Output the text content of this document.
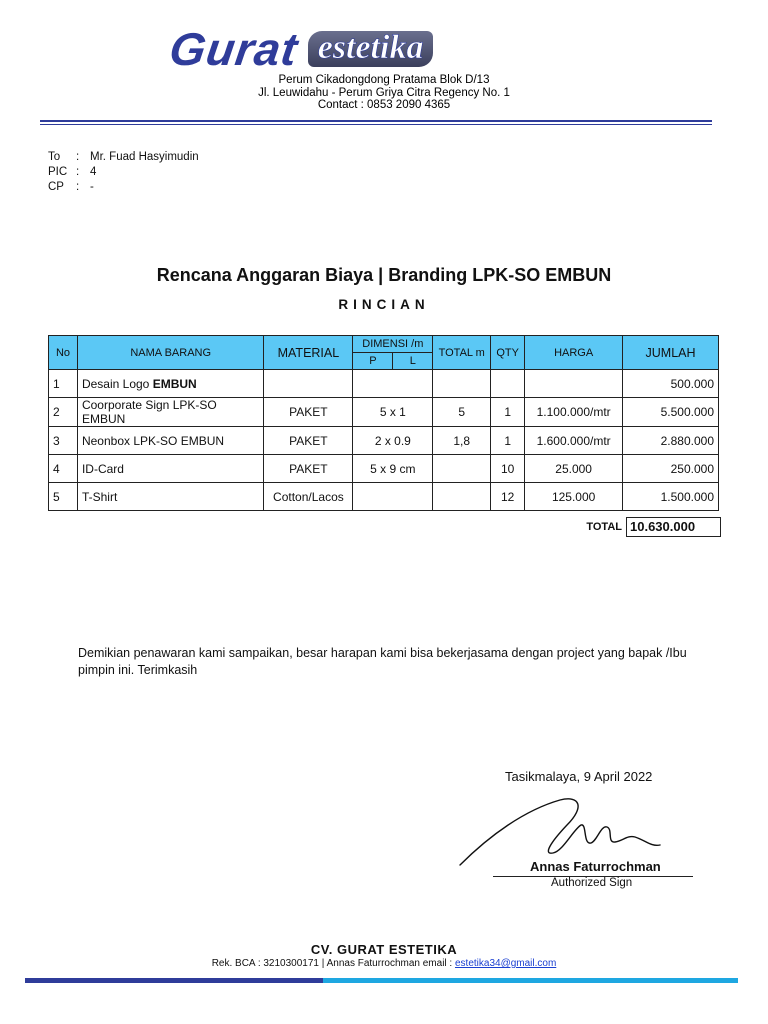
Gurat estetika
Perum Cikadongdong Pratama Blok D/13
Jl. Leuwidahu - Perum Griya Citra Regency No. 1
Contact : 0853 2090 4365
To	: Mr. Fuad Hasyimudin
PIC : 4
CP	: -
Rencana Anggaran Biaya | Branding LPK-SO EMBUN
RINCIAN
No	NAMA BARANG	MATERIAL	DIMENSI /m		TOTAL m	QTY	HARGA	JUMLAH
			P	L				
1	Desain Logo EMBUN							500.000
2	Coorporate Sign LPK-SO EMBUN	PAKET	5 x 1		5	1	1.100.000/mtr	5.500.000
3	Neonbox LPK-SO EMBUN	PAKET	2 x 0.9		1,8	1	1.600.000/mtr	2.880.000
4	ID-Card	PAKET	5 x 9 cm			10	25.000	250.000
5	T-Shirt	Cotton/Lacos				12	125.000	1.500.000
TOTAL 10.630.000
Demikian penawaran kami sampaikan, besar harapan kami bisa bekerjasama dengan project yang bapak /Ibu pimpin ini. Terimkasih
Tasikmalaya, 9 April 2022
Annas Faturrochman
Authorized Sign
CV. GURAT ESTETIKA
Rek. BCA : 3210300171 | Annas Faturrochman email : estetika34@gmail.com
